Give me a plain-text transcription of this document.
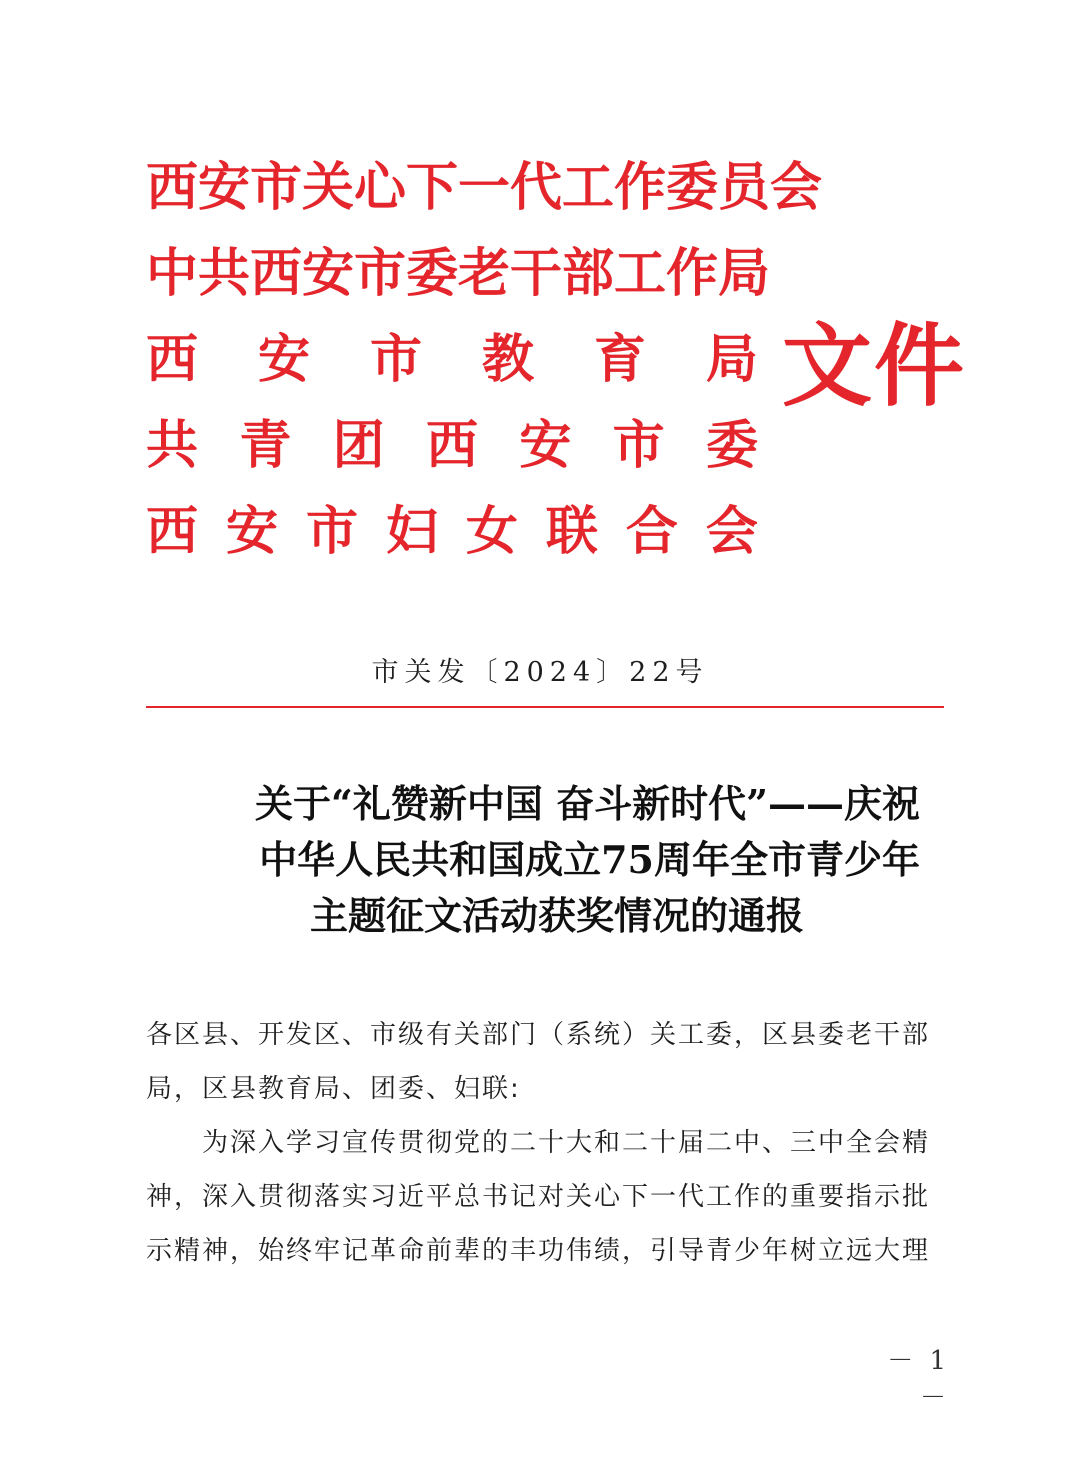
西安市关心下一代工作委员会
中共西安市委老干部工作局
西 安 市 教 育 局
共 青 团 西 安 市 委
西 安 市 妇 女 联 合 会
文件
市关发〔2024〕22号
关于“礼赞新中国 奋斗新时代”——庆祝
中华人民共和国成立75周年全市青少年
主题征文活动获奖情况的通报

各区县、开发区、市级有关部门（系统）关工委，区县委老干部局，区县教育局、团委、妇联:

为深入学习宣传贯彻党的二十大和二十届二中、三中全会精神，深入贯彻落实习近平总书记对关心下一代工作的重要指示批示精神，始终牢记革命前辈的丰功伟绩，引导青少年树立远大理

－ 1 －
